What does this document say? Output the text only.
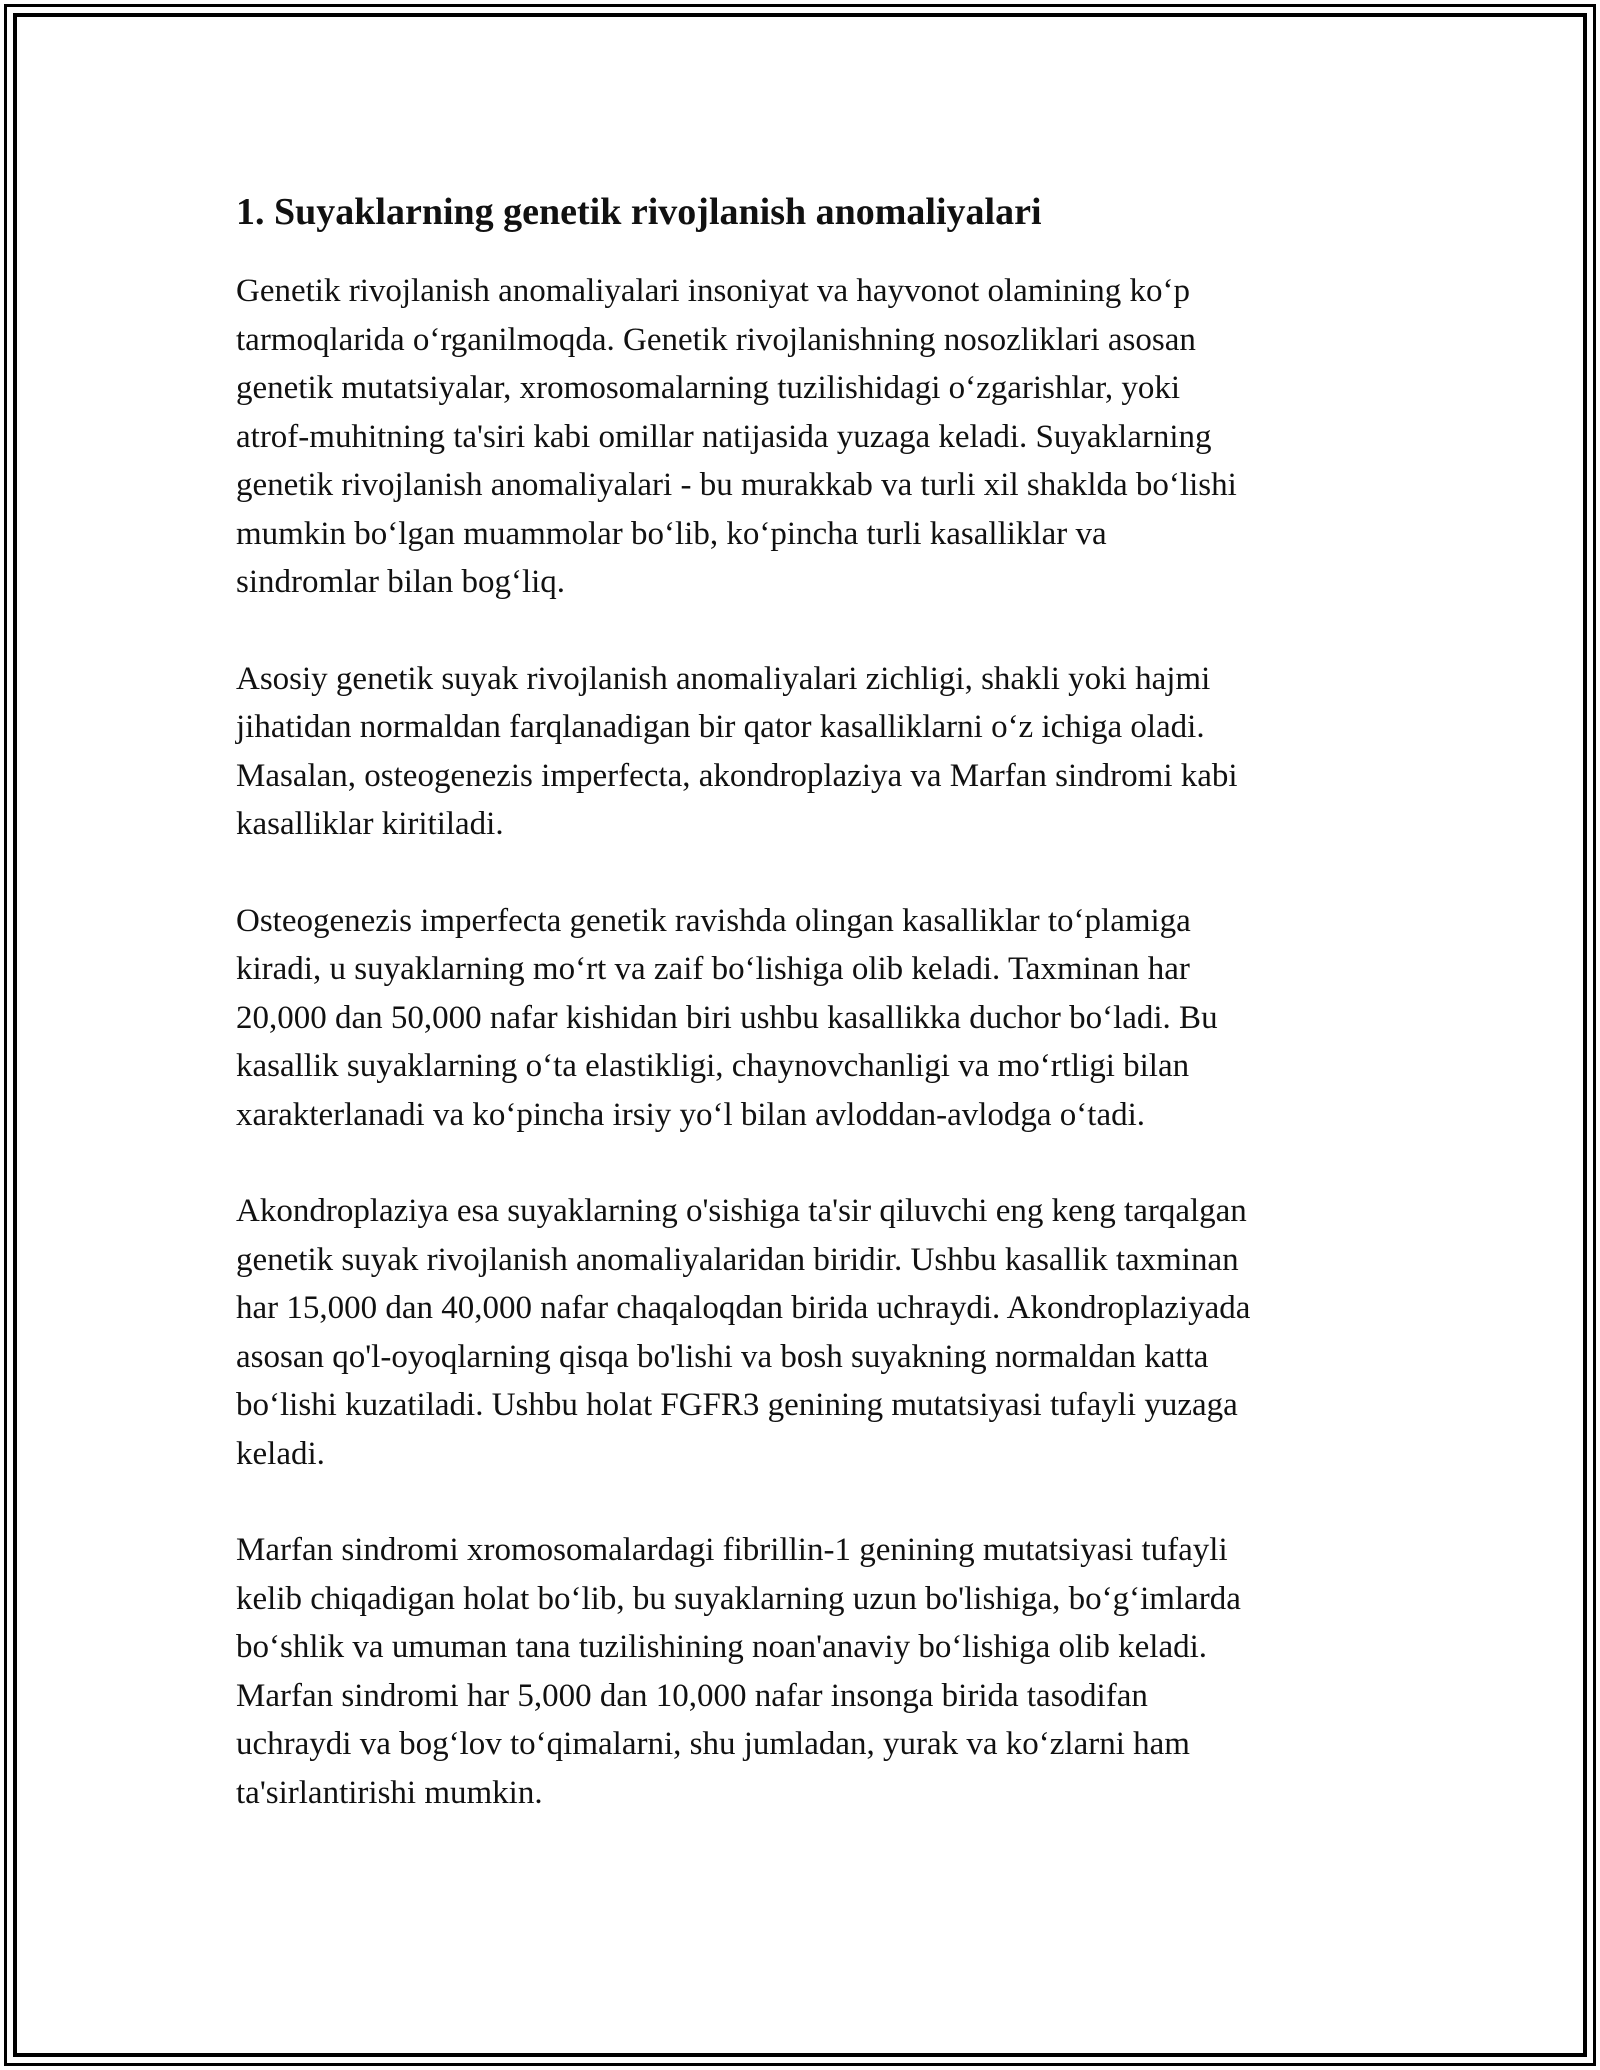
1. Suyaklarning genetik rivojlanish anomaliyalari

Genetik rivojlanish anomaliyalari insoniyat va hayvonot olamining ko‘p
tarmoqlarida o‘rganilmoqda. Genetik rivojlanishning nosozliklari asosan
genetik mutatsiyalar, xromosomalarning tuzilishidagi o‘zgarishlar, yoki
atrof-muhitning ta'siri kabi omillar natijasida yuzaga keladi. Suyaklarning
genetik rivojlanish anomaliyalari - bu murakkab va turli xil shaklda bo‘lishi
mumkin bo‘lgan muammolar bo‘lib, ko‘pincha turli kasalliklar va
sindromlar bilan bog‘liq.

Asosiy genetik suyak rivojlanish anomaliyalari zichligi, shakli yoki hajmi
jihatidan normaldan farqlanadigan bir qator kasalliklarni o‘z ichiga oladi.
Masalan, osteogenezis imperfecta, akondroplaziya va Marfan sindromi kabi
kasalliklar kiritiladi.

Osteogenezis imperfecta genetik ravishda olingan kasalliklar to‘plamiga
kiradi, u suyaklarning mo‘rt va zaif bo‘lishiga olib keladi. Taxminan har
20,000 dan 50,000 nafar kishidan biri ushbu kasallikka duchor bo‘ladi. Bu
kasallik suyaklarning o‘ta elastikligi, chaynovchanligi va mo‘rtligi bilan
xarakterlanadi va ko‘pincha irsiy yo‘l bilan avloddan-avlodga o‘tadi.

Akondroplaziya esa suyaklarning o'sishiga ta'sir qiluvchi eng keng tarqalgan
genetik suyak rivojlanish anomaliyalaridan biridir. Ushbu kasallik taxminan
har 15,000 dan 40,000 nafar chaqaloqdan birida uchraydi. Akondroplaziyada
asosan qo'l-oyoqlarning qisqa bo'lishi va bosh suyakning normaldan katta
bo‘lishi kuzatiladi. Ushbu holat FGFR3 genining mutatsiyasi tufayli yuzaga
keladi.

Marfan sindromi xromosomalardagi fibrillin-1 genining mutatsiyasi tufayli
kelib chiqadigan holat bo‘lib, bu suyaklarning uzun bo'lishiga, bo‘g‘imlarda
bo‘shlik va umuman tana tuzilishining noan'anaviy bo‘lishiga olib keladi.
Marfan sindromi har 5,000 dan 10,000 nafar insonga birida tasodifan
uchraydi va bog‘lov to‘qimalarni, shu jumladan, yurak va ko‘zlarni ham
ta'sirlantirishi mumkin.
